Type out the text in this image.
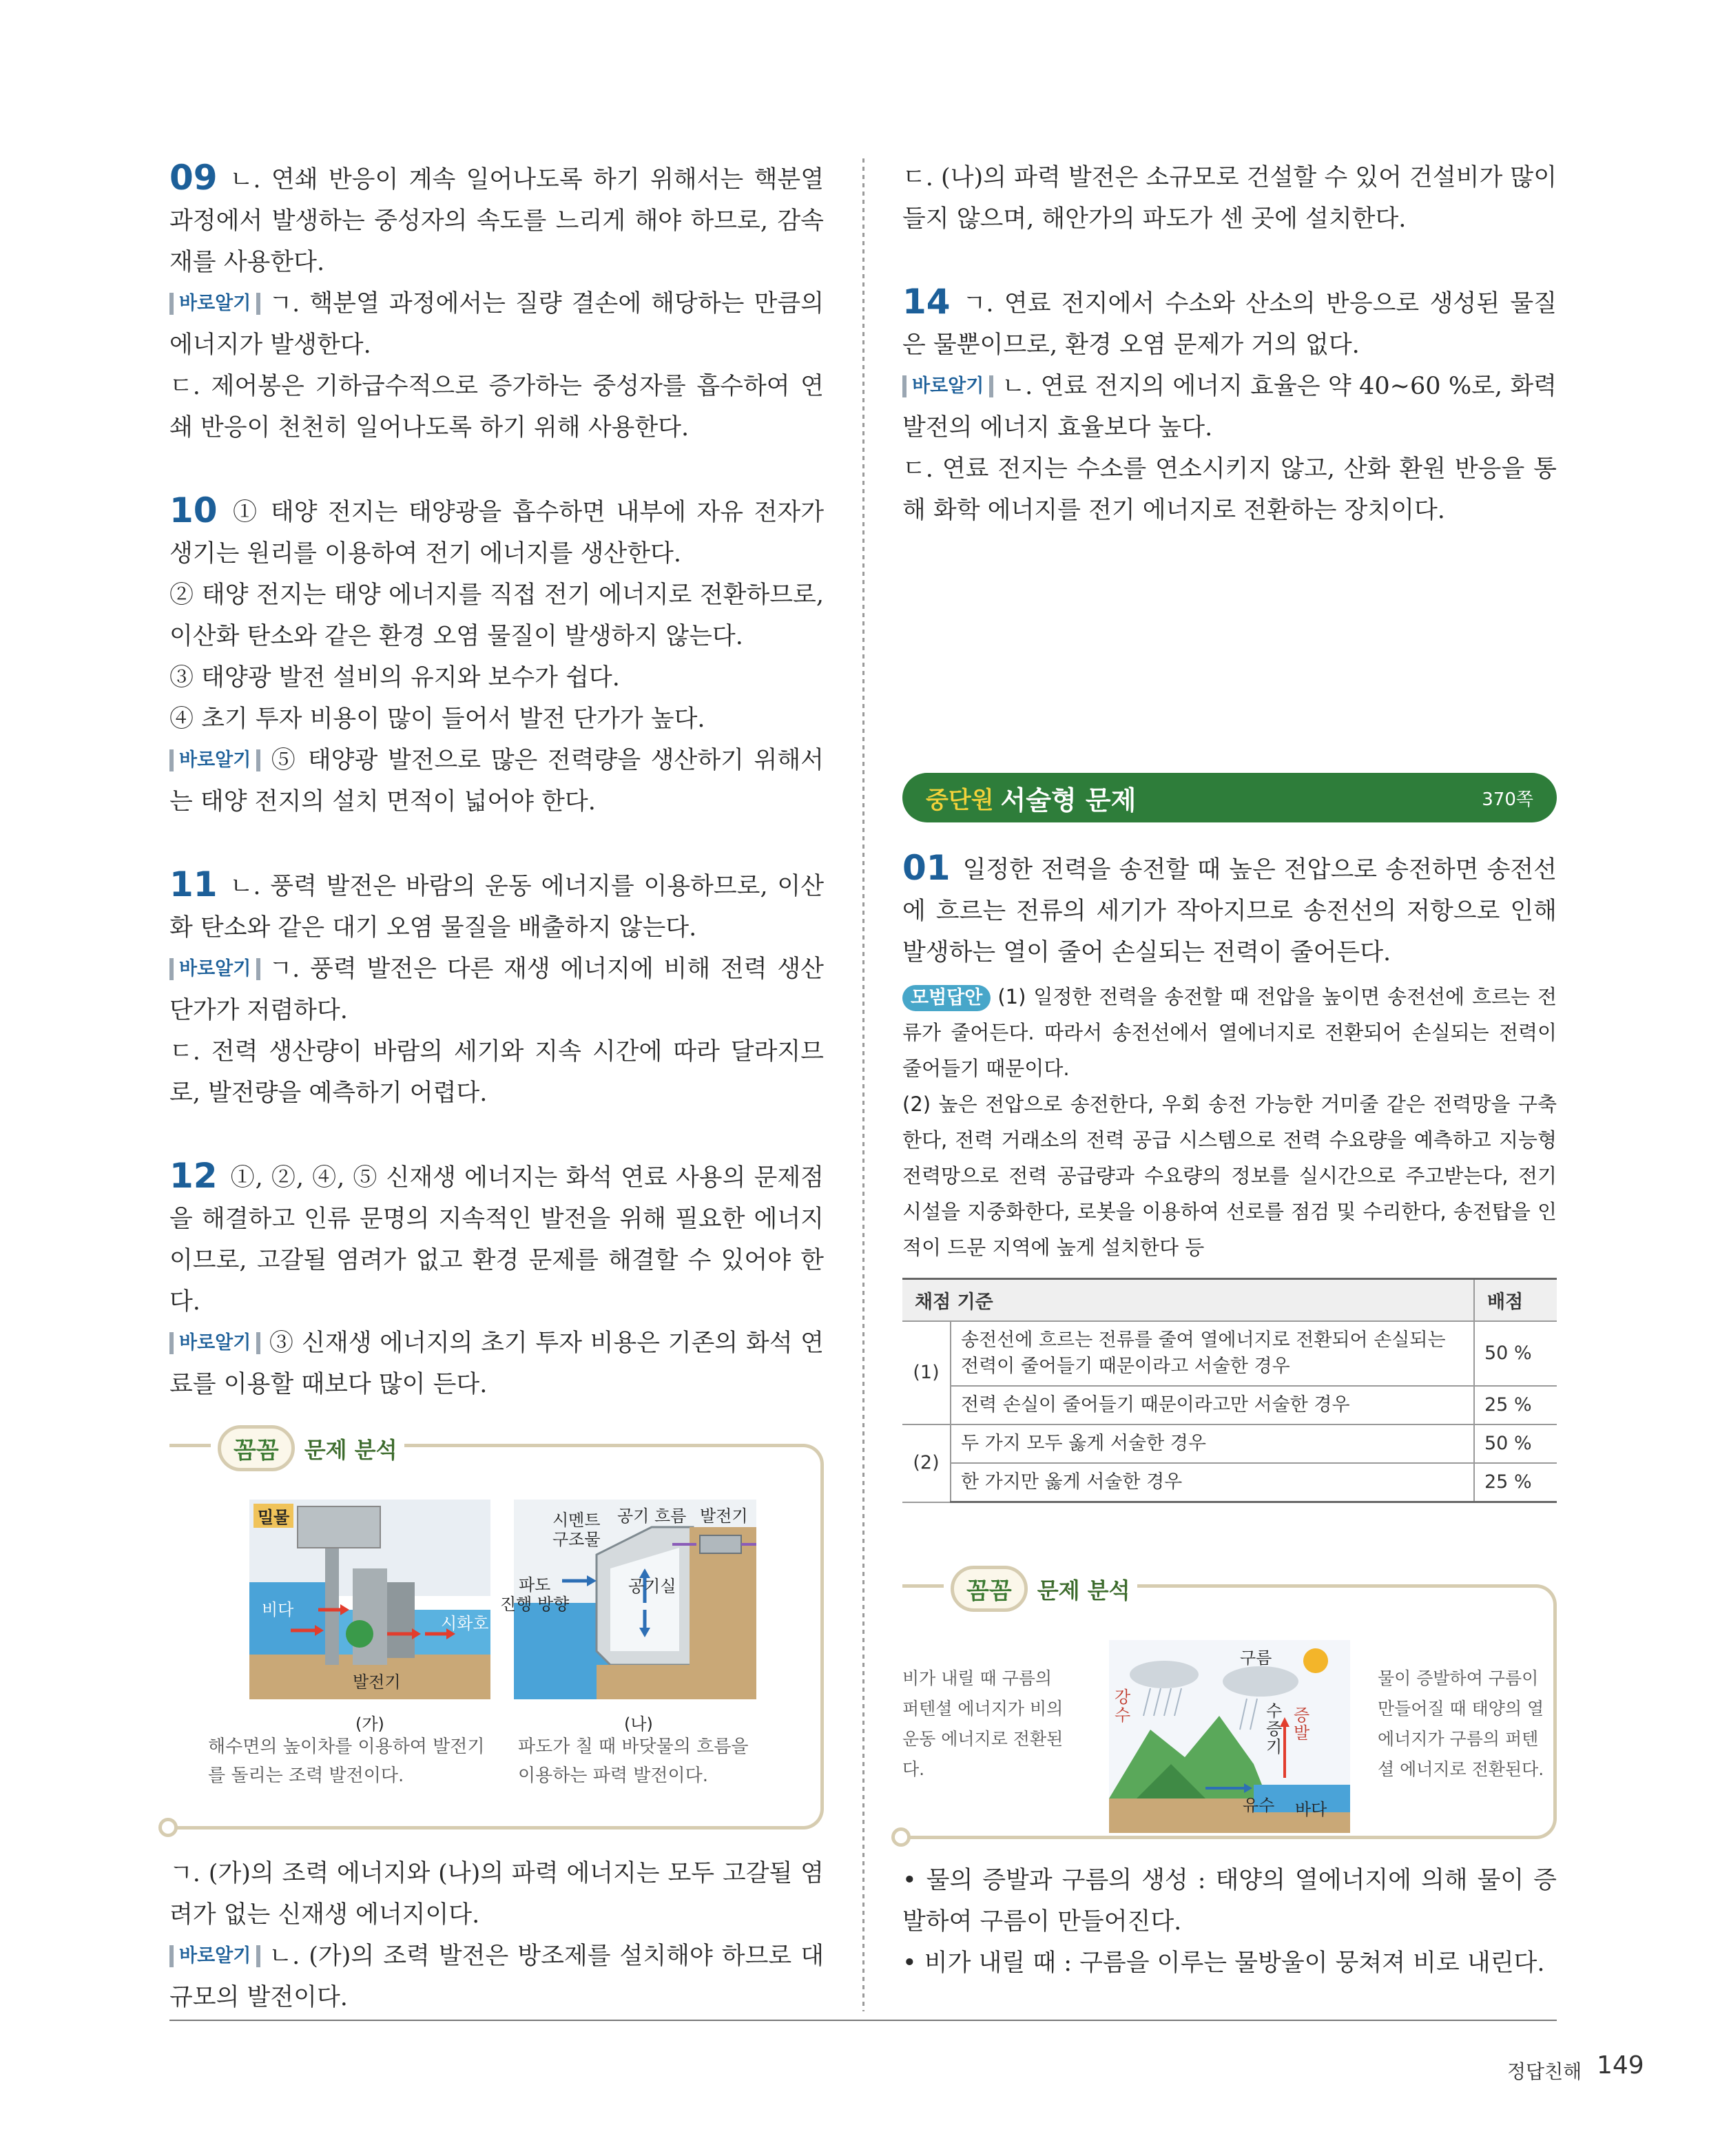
09 ㄴ. 연쇄 반응이 계속 일어나도록 하기 위해서는 핵분열 과정에서 발생하는 중성자의 속도를 느리게 해야 하므로, 감속재를 사용한다.

바로알기 ㄱ. 핵분열 과정에서는 질량 결손에 해당하는 만큼의 에너지가 발생한다.

ㄷ. 제어봉은 기하급수적으로 증가하는 중성자를 흡수하여 연쇄 반응이 천천히 일어나도록 하기 위해 사용한다.

10 ① 태양 전지는 태양광을 흡수하면 내부에 자유 전자가 생기는 원리를 이용하여 전기 에너지를 생산한다.

② 태양 전지는 태양 에너지를 직접 전기 에너지로 전환하므로, 이산화 탄소와 같은 환경 오염 물질이 발생하지 않는다.

③ 태양광 발전 설비의 유지와 보수가 쉽다.

④ 초기 투자 비용이 많이 들어서 발전 단가가 높다.

바로알기 ⑤ 태양광 발전으로 많은 전력량을 생산하기 위해서는 태양 전지의 설치 면적이 넓어야 한다.

11 ㄴ. 풍력 발전은 바람의 운동 에너지를 이용하므로, 이산화 탄소와 같은 대기 오염 물질을 배출하지 않는다.

바로알기 ㄱ. 풍력 발전은 다른 재생 에너지에 비해 전력 생산 단가가 저렴하다.

ㄷ. 전력 생산량이 바람의 세기와 지속 시간에 따라 달라지므로, 발전량을 예측하기 어렵다.

12 ①, ②, ④, ⑤ 신재생 에너지는 화석 연료 사용의 문제점을 해결하고 인류 문명의 지속적인 발전을 위해 필요한 에너지이므로, 고갈될 염려가 없고 환경 문제를 해결할 수 있어야 한다.

바로알기 ③ 신재생 에너지의 초기 투자 비용은 기존의 화석 연료를 이용할 때보다 많이 든다.

꼼꼼	문제 분석
밀물
비다
시화호
발전기
시멘트
구조물
공기 흐름 발전기
공기실
파도
진행 방향
(가)	(나)
해수면의 높이차를 이용하여 발전기를 돌리는 조력 발전이다.
파도가 칠 때 바닷물의 흐름을 이용하는 파력 발전이다.

ㄱ. (가)의 조력 에너지와 (나)의 파력 에너지는 모두 고갈될 염려가 없는 신재생 에너지이다.

바로알기 ㄴ. (가)의 조력 발전은 방조제를 설치해야 하므로 대규모의 발전이다.

ㄷ. (나)의 파력 발전은 소규모로 건설할 수 있어 건설비가 많이 들지 않으며, 해안가의 파도가 센 곳에 설치한다.

14 ㄱ. 연료 전지에서 수소와 산소의 반응으로 생성된 물질은 물뿐이므로, 환경 오염 문제가 거의 없다.

바로알기 ㄴ. 연료 전지의 에너지 효율은 약 40∼60 %로, 화력 발전의 에너지 효율보다 높다.

ㄷ. 연료 전지는 수소를 연소시키지 않고, 산화 환원 반응을 통해 화학 에너지를 전기 에너지로 전환하는 장치이다.

중단원 서술형 문제	370쪽

01 일정한 전력을 송전할 때 높은 전압으로 송전하면 송전선에 흐르는 전류의 세기가 작아지므로 송전선의 저항으로 인해 발생하는 열이 줄어 손실되는 전력이 줄어든다.

모범답안 (1) 일정한 전력을 송전할 때 전압을 높이면 송전선에 흐르는 전류가 줄어든다. 따라서 송전선에서 열에너지로 전환되어 손실되는 전력이 줄어들기 때문이다.

(2) 높은 전압으로 송전한다, 우회 송전 가능한 거미줄 같은 전력망을 구축한다, 전력 거래소의 전력 공급 시스템으로 전력 수요량을 예측하고 지능형 전력망으로 전력 공급량과 수요량의 정보를 실시간으로 주고받는다, 전기 시설을 지중화한다, 로봇을 이용하여 선로를 점검 및 수리한다, 송전탑을 인적이 드문 지역에 높게 설치한다 등

채점 기준		배점
(1)	송전선에 흐르는 전류를 줄여 열에너지로 전환되어 손실되는 전력이 줄어들기 때문이라고 서술한 경우	50 %
	전력 손실이 줄어들기 때문이라고만 서술한 경우	25 %
(2)	두 가지 모두 옳게 서술한 경우	50 %
	한 가지만 옳게 서술한 경우	25 %
꼼꼼	문제 분석
비가 내릴 때 구름의 퍼텐셜 에너지가 비의 운동 에너지로 전환된다.
구름
강수	수증기
증발
유수 바다
물이 증발하여 구름이 만들어질 때 태양의 열에너지가 구름의 퍼텐셜 에너지로 전환된다.

• 물의 증발과 구름의 생성 : 태양의 열에너지에 의해 물이 증발하여 구름이 만들어진다.

• 비가 내릴 때 : 구름을 이루는 물방울이 뭉쳐져 비로 내린다.

정답친해 149
